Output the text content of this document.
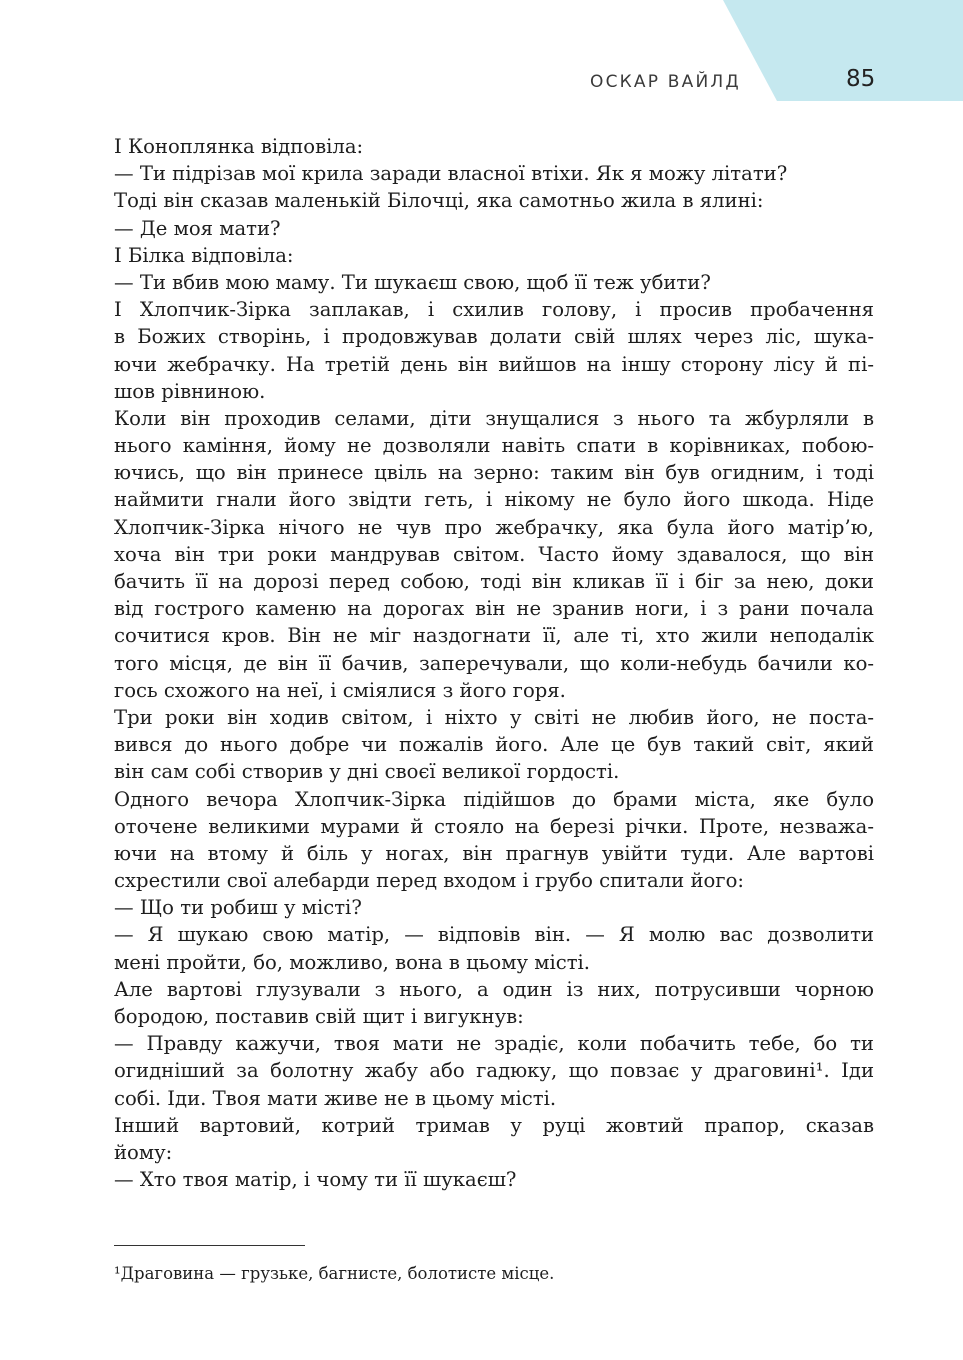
ОСКАР ВАЙЛД	85
І Коноплянка відповіла:
— Ти підрізав мої крила заради власної втіхи. Як я можу літати?
Тоді він сказав маленькій Білочці, яка самотньо жила в ялині:
— Де моя мати?
І Білка відповіла:
— Ти вбив мою маму. Ти шукаєш свою, щоб її теж убити?
І Хлопчик-Зірка заплакав, і схилив голову, і просив пробачення
в Божих створінь, і продовжував долати свій шлях через ліс, шука-
ючи жебрачку. На третій день він вийшов на іншу сторону лісу й пі-
шов рівниною.
Коли він проходив селами, діти знущалися з нього та жбурляли в
нього каміння, йому не дозволяли навіть спати в корівниках, побою-
ючись, що він принесе цвіль на зерно: таким він був огидним, і тоді
наймити гнали його звідти геть, і нікому не було його шкода. Ніде
Хлопчик-Зірка нічого не чув про жебрачку, яка була його матір’ю,
хоча він три роки мандрував світом. Часто йому здавалося, що він
бачить її на дорозі перед собою, тоді він кликав її і біг за нею, доки
від гострого каменю на дорогах він не зранив ноги, і з рани почала
сочитися кров. Він не міг наздогнати її, але ті, хто жили неподалік
того місця, де він її бачив, заперечували, що коли-небудь бачили ко-
гось схожого на неї, і сміялися з його горя.
Три роки він ходив світом, і ніхто у світі не любив його, не поста-
вився до нього добре чи пожалів його. Але це був такий світ, який
він сам собі створив у дні своєї великої гордості.
Одного вечора Хлопчик-Зірка підійшов до брами міста, яке було
оточене великими мурами й стояло на березі річки. Проте, незважа-
ючи на втому й біль у ногах, він прагнув увійти туди. Але вартові
схрестили свої алебарди перед входом і грубо спитали його:
— Що ти робиш у місті?
— Я шукаю свою матір, — відповів він. — Я молю вас дозволити
мені пройти, бо, можливо, вона в цьому місті.
Але вартові глузували з нього, а один із них, потрусивши чорною
бородою, поставив свій щит і вигукнув:
— Правду кажучи, твоя мати не зрадіє, коли побачить тебе, бо ти
огидніший за болотну жабу або гадюку, що повзає у драговині¹. Іди
собі. Іди. Твоя мати живе не в цьому місті.
Інший вартовий, котрий тримав у руці жовтий прапор, сказав
йому:
— Хто твоя матір, і чому ти її шукаєш?
¹Драговина — грузьке, багнисте, болотисте місце.
